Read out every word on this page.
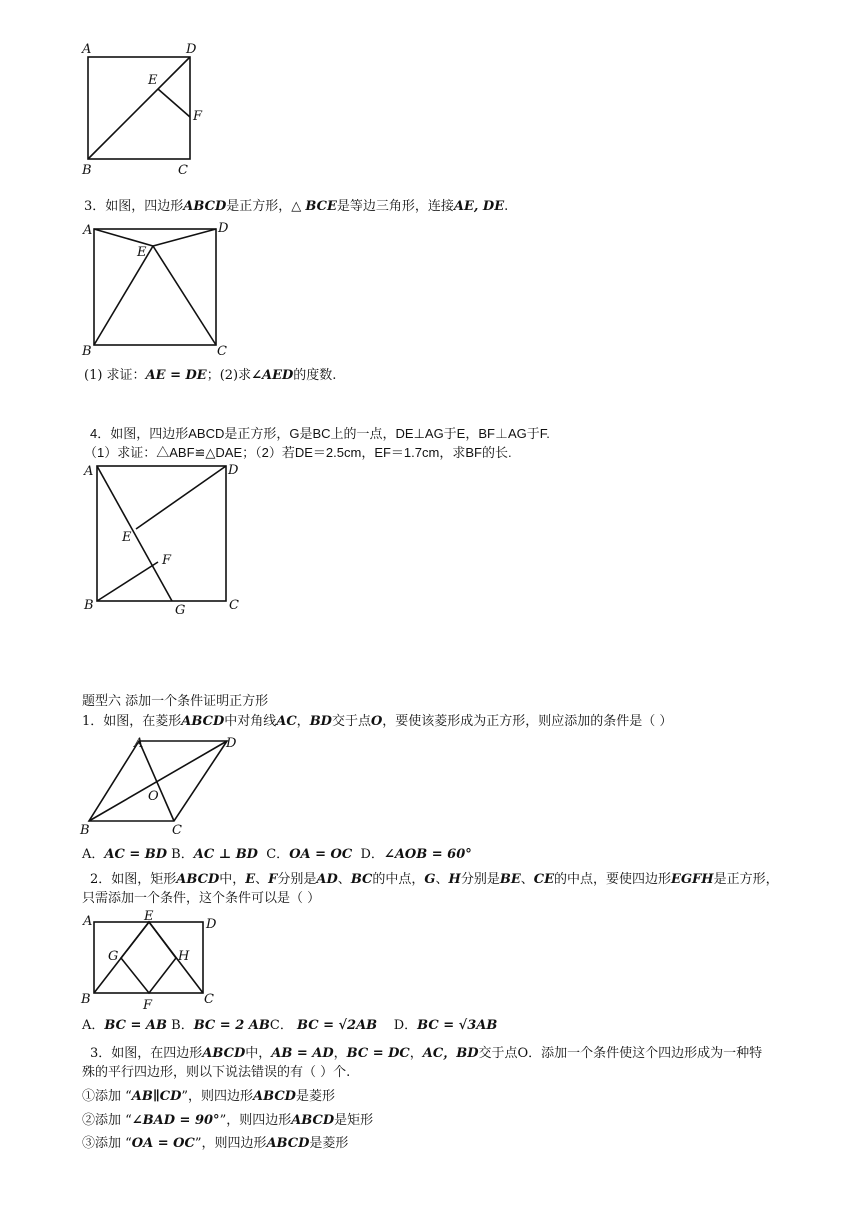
A	D
E
F
B	C
3．如图，四边形ABCD是正方形，△ BCE是等边三角形，连接AE, DE.
A	D
E
B	C
(1) 求证：AE = DE；(2)求∠AED的度数.
4．如图，四边形ABCD是正方形，G是BC上的一点，DE⊥AG于E，BF⊥AG于F.
（1）求证：△ABF≌△DAE；（2）若DE＝2.5cm，EF＝1.7cm，求BF的长.
A	D
E
F
B	G	C
题型六 添加一个条件证明正方形
1．如图，在菱形ABCD中对角线AC，BD交于点O，要使该菱形成为正方形，则应添加的条件是（ ）
A	D
O
B	C
A．AC = BD B．AC ⊥ BD C．OA = OC D．∠AOB = 60°
2．如图，矩形ABCD中，E、F分别是AD、BC的中点，G、H分别是BE、CE的中点，要使四边形EGFH是正方形，
只需添加一个条件，这个条件可以是（ ）
A	E
D
G	H
B	F	C
A．BC = AB B．BC = 2 ABC． BC = √2AB D．BC = √3AB
3．如图，在四边形ABCD中，AB = AD，BC = DC，AC，BD交于点O．添加一个条件使这个四边形成为一种特
殊的平行四边形，则以下说法错误的有（ ）个.
①添加 “AB∥CD”，则四边形ABCD是菱形
②添加 “∠BAD = 90°”，则四边形ABCD是矩形
③添加 “OA = OC”，则四边形ABCD是菱形
